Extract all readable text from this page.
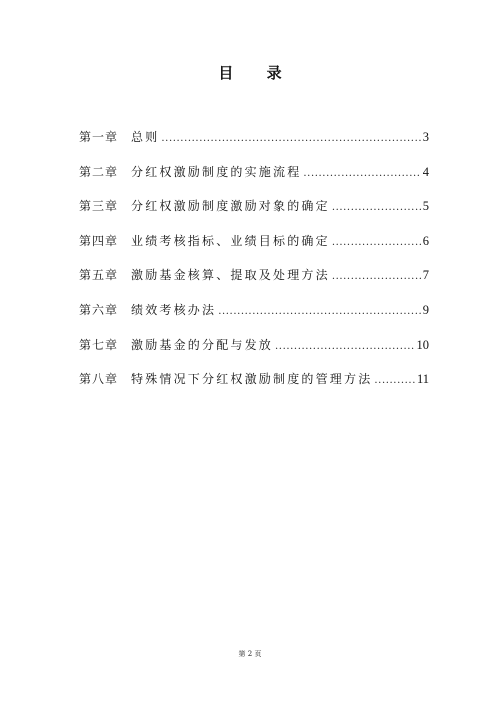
目 录
第一章	总则 .....	3
第二章	分红权激励制度的实施流程 .....	4
第三章	分红权激励制度激励对象的确定 .....	5
第四章	业绩考核指标、业绩目标的确定 .....	6
第五章	激励基金核算、提取及处理方法 .....	7
第六章	绩效考核办法 .....	9
第七章	激励基金的分配与发放 .....	10
第八章	特殊情况下分红权激励制度的管理方法 .....	11
第 2 页
